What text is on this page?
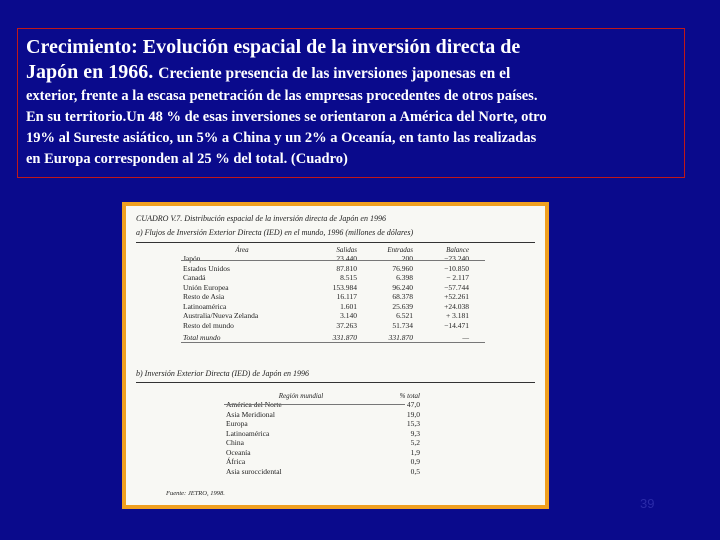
Crecimiento: Evolución espacial de la inversión directa de
Japón en 1966. Creciente presencia de las inversiones japonesas en el
exterior, frente a la escasa penetración de las empresas procedentes de otros países.
En su territorio.Un 48 % de esas inversiones se orientaron a América del Norte, otro
19% al Sureste asiático, un 5% a China y un 2% a Oceanía, en tanto las realizadas
en Europa corresponden al 25 % del total. (Cuadro)
CUADRO V.7. Distribución espacial de la inversión directa de Japón en 1996
a) Flujos de Inversión Exterior Directa (IED) en el mundo, 1996 (millones de dólares)
Área	Salidas	Entradas	Balance
Japón	23.440	200	−23.240
Estados Unidos	87.810	76.960	−10.850
Canadá	8.515	6.398	− 2.117
Unión Europea	153.984	96.240	−57.744
Resto de Asia	16.117	68.378	+52.261
Latinoamérica	1.601	25.639	+24.038
Australia/Nueva Zelanda	3.140	6.521	+ 3.181
Resto del mundo	37.263	51.734	−14.471
Total mundo	331.870	331.870	—
b) Inversión Exterior Directa (IED) de Japón en 1996
Región mundial	% total
América del Norte	47,0
Asia Meridional	19,0
Europa	15,3
Latinoamérica	9,3
China	5,2
Oceanía	1,9
África	0,9
Asia suroccidental	0,5
Fuente: JETRO, 1998.
39
